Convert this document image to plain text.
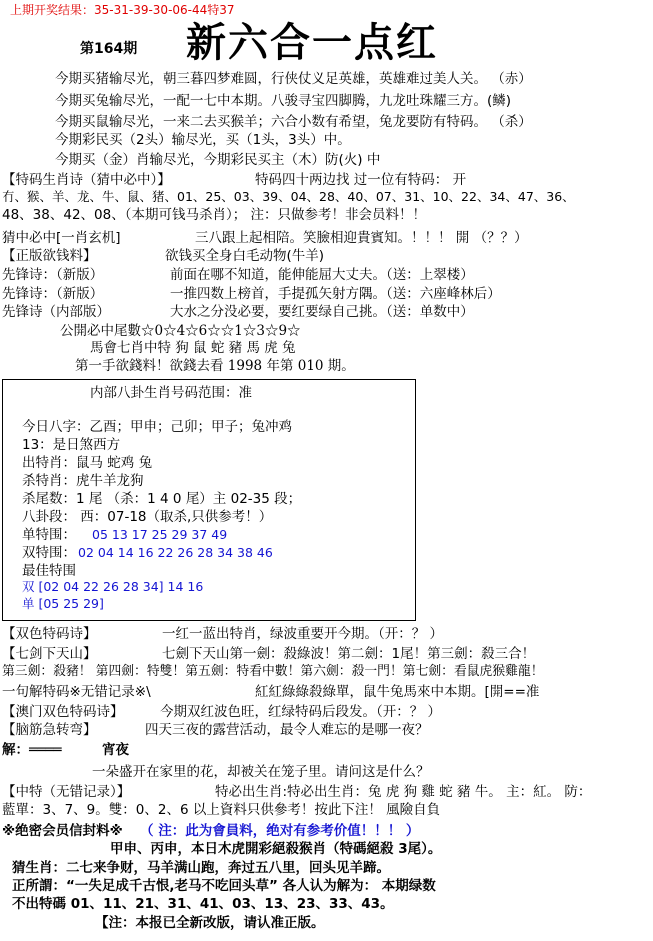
上期开奖结果：35-31-39-30-06-44特37
第164期 新六合一点红
今期买猪输尽光，朝三暮四梦难圆，行侠仗义足英雄，英雄难过美人关。 （赤）
今期买兔输尽光，一配一七中本期。八骏寻宝四脚腾，九龙吐珠耀三方。(鳞)
今期买鼠输尽光，一来二去买猴羊；六合小数有希望，兔龙要防有特码。 （杀）
今期彩民买（2头）输尽光，买（1头，3头）中。
今期买（金）肖输尽光，今期彩民买主（木）防(火) 中
【特码生肖诗（猜中必中）】	特码四十两边找 过一位有特码： 开
冇、猴、羊、龙、牛、鼠、猪、01、25、03、39、04、28、40、07、31、10、22、34、47、36、
48、38、42、08、（本期可钱马杀肖）； 注：只做参考！非会员料！！
猜中必中[一肖玄机]	三八跟上起相陪。笑臉相迎貴賓知。！！！ 開 （？？）
【正版欲钱料】	欲钱买全身白毛动物(牛羊)
先锋诗：（新版）	前面在哪不知道，能伸能屈大丈夫。（送：上翠楼）
先锋诗：（新版）	一推四数上榜首，手提孤矢射方隅。（送：六座峰林后）
先锋诗（内部版）	大水之分没必要，要红要绿自己挑。（送：单数中）
公開必中尾數☆0☆4☆6☆☆1☆3☆9☆
馬會七肖中特 狗 鼠 蛇 豬 馬 虎 兔
第一手欲錢料！欲錢去看 1998 年第 010 期。
内部八卦生肖号码范围：准
今日八字：乙酉；甲申；己卯；甲子；兔冲鸡
13：是日煞西方
出特肖：鼠马 蛇鸡 兔
杀特肖：虎牛羊龙狗
杀尾数：1 尾 （杀：1 4 0 尾）主 02-35 段；
八卦段： 西：07-18（取杀,只供参考！）
单特围： 05 13 17 25 29 37 49
双特围： 02 04 14 16 22 26 28 34 38 46
最佳特围
双 [02 04 22 26 28 34] 14 16
单 [05 25 29]
【双色特码诗】	一红一蓝出特肖，绿波重要开今期。（开：？ ）
【七剑下天山】	七劍下天山第一劍：殺綠波！第二劍：1尾！第三劍：殺三合！
第三劍：殺豬！ 第四劍：特雙！第五劍：特看中數！第六劍：殺一門！第七劍：看鼠虎猴雞龍！
一句解特码※无错记录※\	紅紅綠綠殺綠單，鼠牛兔馬來中本期。[開==准
【澳门双色特码诗】	今期双红波色旺，红绿特码后段发。（开：？ ）
【脑筋急转弯】	四天三夜的露营活动，最令人难忘的是哪一夜？
解：════	宵夜
一朵盛开在家里的花，却被关在笼子里。请问这是什么？
【中特（无错记录）】	特必出生肖:特必出生肖：兔 虎 狗 雞 蛇 豬 牛。 主：紅。 防：
藍單：3、7、9。雙：0、2、6 以上資料只供參考！按此下注！ 風險自負
※绝密会员信封料※ （ 注：此为會員料，绝对有参考价值！！！ ）
甲申、丙申，本日木虎開彩絕殺猴肖（特碼絕殺 3尾）。
猜生肖：二七来争财，马羊满山跑，奔过五八里，回头见羊蹄。
正所謂：“一失足成千古恨,老马不吃回头草” 各人认为解为： 本期绿数
不出特碼 01、11、21、31、41、03、13、23、33、43。
【注：本报已全新改版，请认准正版。
